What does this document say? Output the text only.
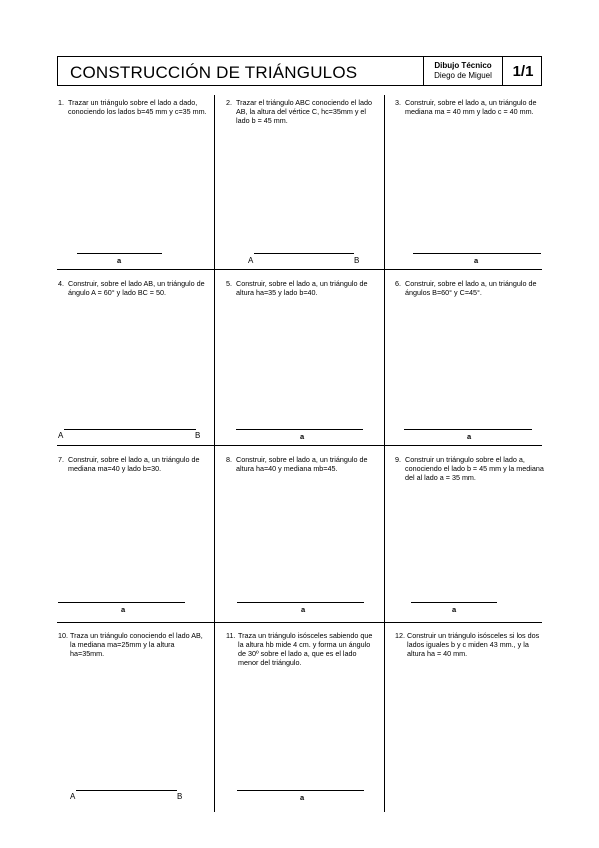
CONSTRUCCIÓN DE TRIÁNGULOS	Dibujo Técnico
Diego de Miguel	1/1
1. Trazar un triángulo sobre el lado a dado, conociendo los lados b=45 mm y c=35 mm.
a
2. Trazar el triángulo ABC conociendo el lado AB, la altura del vértice C, hc=35mm y el lado b = 45 mm.
A	B
3. Construir, sobre el lado a, un triángulo de mediana ma = 40 mm y lado c = 40 mm.
a
4. Construir, sobre el lado AB, un triángulo de ángulo A = 60° y lado BC = 50.
A	B
5. Construir, sobre el lado a, un triángulo de altura ha=35 y lado b=40.
a
6. Construir, sobre el lado a, un triángulo de ángulos B=60° y C=45°.
a
7. Construir, sobre el lado a, un triángulo de mediana ma=40 y lado b=30.
a
8. Construir, sobre el lado a, un triángulo de altura ha=40 y mediana mb=45.
a
9. Construir un triángulo sobre el lado a, conociendo el lado b = 45 mm y la mediana del al lado a = 35 mm.
a
10. Traza un triángulo conociendo el lado AB, la mediana ma=25mm y la altura ha=35mm.
A	B
11. Traza un triángulo isósceles sabiendo que la altura hb mide 4 cm. y forma un ángulo de 30º sobre el lado a, que es el lado menor del triángulo.
a
12. Construir un triángulo isósceles si los dos lados iguales b y c miden 43 mm., y la altura ha = 40 mm.
